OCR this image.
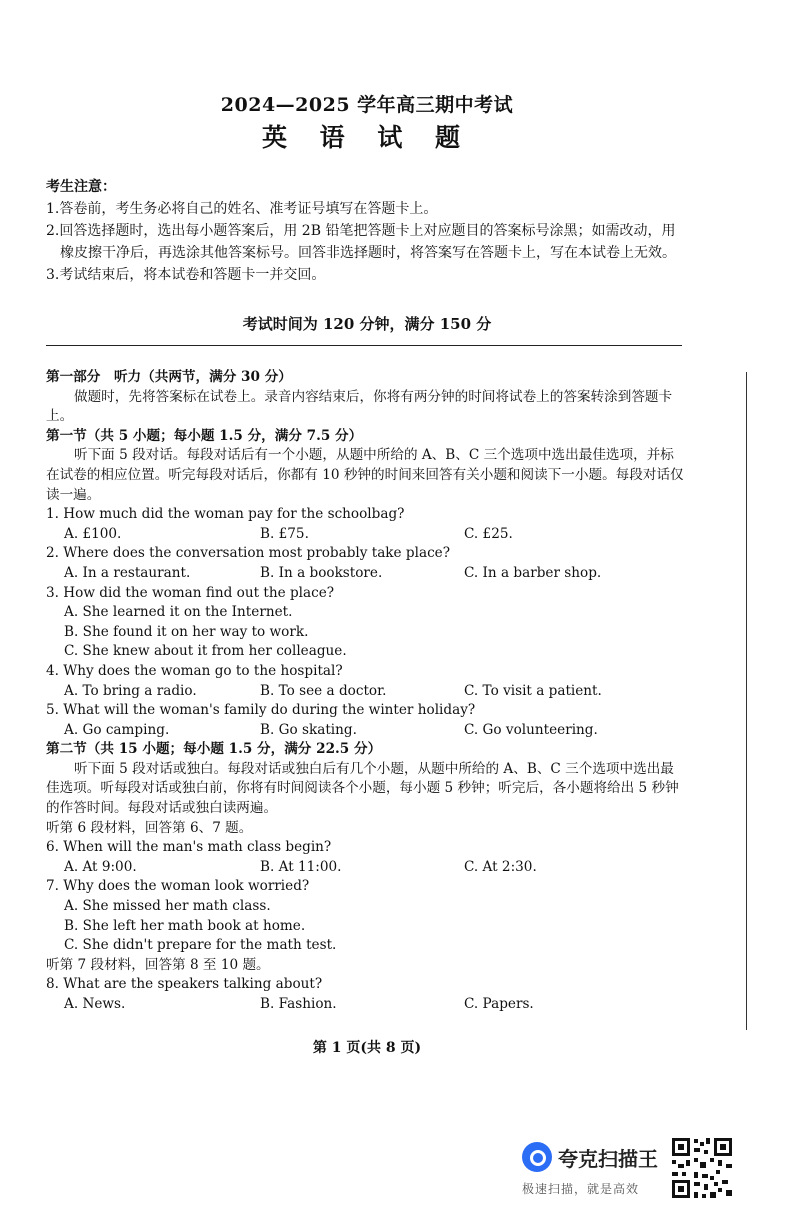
2024—2025 学年高三期中考试
英 语 试 题
考生注意：
1.答卷前，考生务必将自己的姓名、准考证号填写在答题卡上。
2.回答选择题时，选出每小题答案后，用 2B 铅笔把答题卡上对应题目的答案标号涂黑；如需改动，用橡皮擦干净后，再选涂其他答案标号。回答非选择题时，将答案写在答题卡上，写在本试卷上无效。
3.考试结束后，将本试卷和答题卡一并交回。
考试时间为 120 分钟，满分 150 分
第一部分　听力（共两节，满分 30 分）
做题时，先将答案标在试卷上。录音内容结束后，你将有两分钟的时间将试卷上的答案转涂到答题卡上。
第一节（共 5 小题；每小题 1.5 分，满分 7.5 分）
听下面 5 段对话。每段对话后有一个小题，从题中所给的 A、B、C 三个选项中选出最佳选项，并标在试卷的相应位置。听完每段对话后，你都有 10 秒钟的时间来回答有关小题和阅读下一小题。每段对话仅读一遍。
1. How much did the woman pay for the schoolbag?
A. £100.	B. £75.	C. £25.
2. Where does the conversation most probably take place?
A. In a restaurant.	B. In a bookstore.	C. In a barber shop.
3. How did the woman find out the place?
A. She learned it on the Internet.
B. She found it on her way to work.
C. She knew about it from her colleague.
4. Why does the woman go to the hospital?
A. To bring a radio.	B. To see a doctor.	C. To visit a patient.
5. What will the woman's family do during the winter holiday?
A. Go camping.	B. Go skating.	C. Go volunteering.
第二节（共 15 小题；每小题 1.5 分，满分 22.5 分）
听下面 5 段对话或独白。每段对话或独白后有几个小题，从题中所给的 A、B、C 三个选项中选出最佳选项。听每段对话或独白前，你将有时间阅读各个小题，每小题 5 秒钟；听完后，各小题将给出 5 秒钟的作答时间。每段对话或独白读两遍。
听第 6 段材料，回答第 6、7 题。
6. When will the man's math class begin?
A. At 9:00.	B. At 11:00.	C. At 2:30.
7. Why does the woman look worried?
A. She missed her math class.
B. She left her math book at home.
C. She didn't prepare for the math test.
听第 7 段材料，回答第 8 至 10 题。
8. What are the speakers talking about?
A. News.	B. Fashion.	C. Papers.
第 1 页(共 8 页)
夸克扫描王
极速扫描，就是高效
